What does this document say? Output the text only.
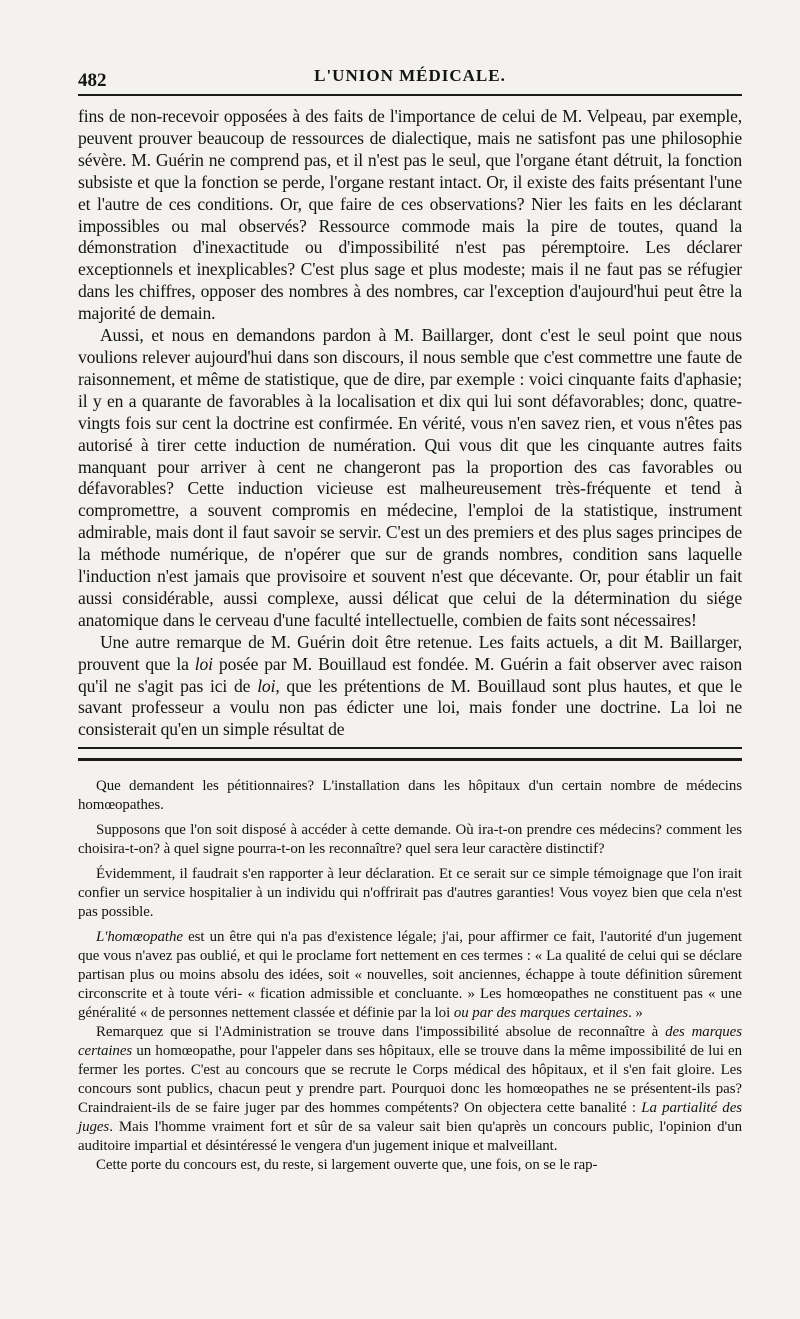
482	L'UNION MÉDICALE.

fins de non-recevoir opposées à des faits de l'importance de celui de M. Velpeau, par exemple, peuvent prouver beaucoup de ressources de dialectique, mais ne satisfont pas une philosophie sévère. M. Guérin ne comprend pas, et il n'est pas le seul, que l'organe étant détruit, la fonction subsiste et que la fonction se perde, l'organe restant intact. Or, il existe des faits présentant l'une et l'autre de ces conditions. Or, que faire de ces observations? Nier les faits en les déclarant impossibles ou mal observés? Ressource commode mais la pire de toutes, quand la démonstration d'inexactitude ou d'impossibilité n'est pas péremptoire. Les déclarer exceptionnels et inexplicables? C'est plus sage et plus modeste; mais il ne faut pas se réfugier dans les chiffres, opposer des nombres à des nombres, car l'exception d'aujourd'hui peut être la majorité de demain.

Aussi, et nous en demandons pardon à M. Baillarger, dont c'est le seul point que nous voulions relever aujourd'hui dans son discours, il nous semble que c'est commettre une faute de raisonnement, et même de statistique, que de dire, par exemple : voici cinquante faits d'aphasie; il y en a quarante de favorables à la localisation et dix qui lui sont défavorables; donc, quatre-vingts fois sur cent la doctrine est confirmée. En vérité, vous n'en savez rien, et vous n'êtes pas autorisé à tirer cette induction de numération. Qui vous dit que les cinquante autres faits manquant pour arriver à cent ne changeront pas la proportion des cas favorables ou défavorables? Cette induction vicieuse est malheureusement très-fréquente et tend à compromettre, a souvent compromis en médecine, l'emploi de la statistique, instrument admirable, mais dont il faut savoir se servir. C'est un des premiers et des plus sages principes de la méthode numérique, de n'opérer que sur de grands nombres, condition sans laquelle l'induction n'est jamais que provisoire et souvent n'est que décevante. Or, pour établir un fait aussi considérable, aussi complexe, aussi délicat que celui de la détermination du siége anatomique dans le cerveau d'une faculté intellectuelle, combien de faits sont nécessaires!

Une autre remarque de M. Guérin doit être retenue. Les faits actuels, a dit M. Baillarger, prouvent que la loi posée par M. Bouillaud est fondée. M. Guérin a fait observer avec raison qu'il ne s'agit pas ici de loi, que les prétentions de M. Bouillaud sont plus hautes, et que le savant professeur a voulu non pas édicter une loi, mais fonder une doctrine. La loi ne consisterait qu'en un simple résultat de

Que demandent les pétitionnaires? L'installation dans les hôpitaux d'un certain nombre de médecins homœopathes.

Supposons que l'on soit disposé à accéder à cette demande. Où ira-t-on prendre ces médecins? comment les choisira-t-on? à quel signe pourra-t-on les reconnaître? quel sera leur caractère distinctif?

Évidemment, il faudrait s'en rapporter à leur déclaration. Et ce serait sur ce simple témoignage que l'on irait confier un service hospitalier à un individu qui n'offrirait pas d'autres garanties! Vous voyez bien que cela n'est pas possible.

L'homœopathe est un être qui n'a pas d'existence légale; j'ai, pour affirmer ce fait, l'autorité d'un jugement que vous n'avez pas oublié, et qui le proclame fort nettement en ces termes : « La qualité de celui qui se déclare partisan plus ou moins absolu des idées, soit « nouvelles, soit anciennes, échappe à toute définition sûrement circonscrite et à toute véri- « fication admissible et concluante. » Les homœopathes ne constituent pas « une généralité « de personnes nettement classée et définie par la loi ou par des marques certaines. »

Remarquez que si l'Administration se trouve dans l'impossibilité absolue de reconnaître à des marques certaines un homœopathe, pour l'appeler dans ses hôpitaux, elle se trouve dans la même impossibilité de lui en fermer les portes. C'est au concours que se recrute le Corps médical des hôpitaux, et il s'en fait gloire. Les concours sont publics, chacun peut y prendre part. Pourquoi donc les homœopathes ne se présentent-ils pas? Craindraient-ils de se faire juger par des hommes compétents? On objectera cette banalité : La partialité des juges. Mais l'homme vraiment fort et sûr de sa valeur sait bien qu'après un concours public, l'opinion d'un auditoire impartial et désintéressé le vengera d'un jugement inique et malveillant.

Cette porte du concours est, du reste, si largement ouverte que, une fois, on se le rap-
